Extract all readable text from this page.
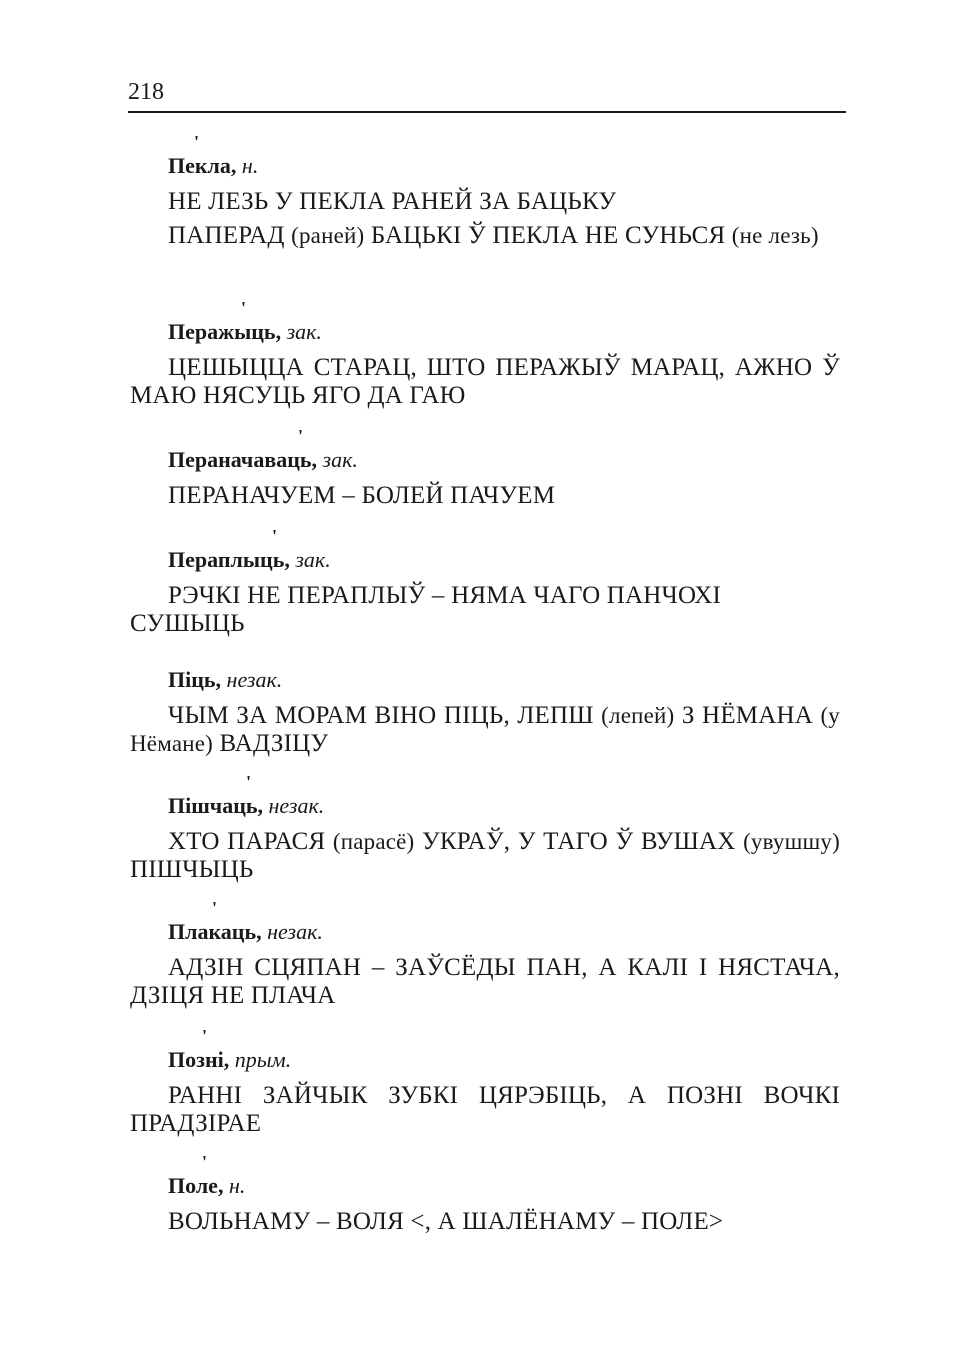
218
'
Пекла, н.
НЕ ЛЕЗЬ У ПЕКЛА РАНЕЙ ЗА БАЦЬКУ
ПАПЕРАД (раней) БАЦЬКІ Ў ПЕКЛА НЕ СУНЬСЯ (не лезь)
'
Перажыць, зак.
ЦЕШЫЦЦА СТАРАЦ, ШТО ПЕРАЖЫЎ МАРАЦ, АЖНО Ў МАЮ НЯСУЦЬ ЯГО ДА ГАЮ
'
Пераначаваць, зак.
ПЕРАНАЧУЕМ – БОЛЕЙ ПАЧУЕМ
'
Пераплыць, зак.
РЭЧКІ НЕ ПЕРАПЛЫЎ – НЯМА ЧАГО ПАНЧОХІ СУШЫЦЬ
Піць, незак.
ЧЫМ ЗА МОРАМ ВІНО ПІЦЬ, ЛЕПШ (лепей) З НЁМАНА (у Нёмане) ВАДЗІЦУ
'
Пішчаць, незак.
ХТО ПАРАСЯ (парасё) УКРАЎ, У ТАГО Ў ВУШАХ (увушшу) ПІШЧЫЦЬ
'
Плакаць, незак.
АДЗІН СЦЯПАН – ЗАЎСЁДЫ ПАН, А КАЛІ І НЯСТАЧА, ДЗІЦЯ НЕ ПЛАЧА
'
Позні, прым.
РАННІ ЗАЙЧЫК ЗУБКІ ЦЯРЭБІЦЬ, А ПОЗНІ ВОЧКІ ПРАДЗІРАЕ
'
Поле, н.
ВОЛЬНАМУ – ВОЛЯ <, А ШАЛЁНАМУ – ПОЛЕ>
